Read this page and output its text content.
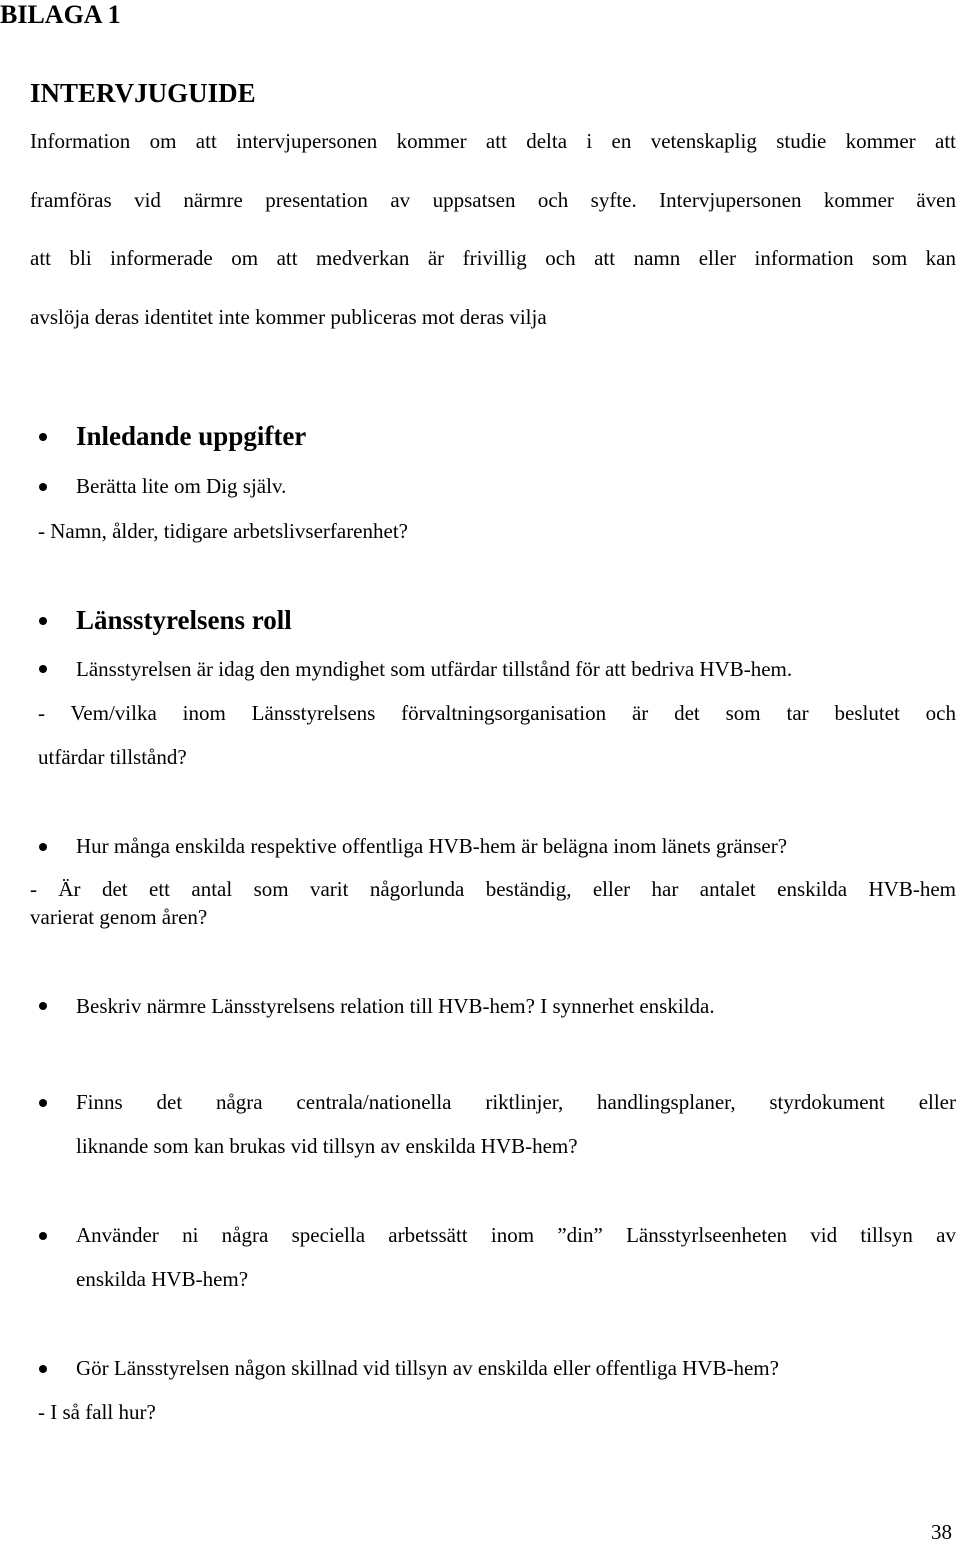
BILAGA 1
INTERVJUGUIDE
Information om att intervjupersonen kommer att delta i en vetenskaplig studie kommer att
framföras vid närmre presentation av uppsatsen och syfte. Intervjupersonen kommer även
att bli informerade om att medverkan är frivillig och att namn eller information som kan
avslöja deras identitet inte kommer publiceras mot deras vilja
Inledande uppgifter
Berätta lite om Dig själv.
- Namn, ålder, tidigare arbetslivserfarenhet?
Länsstyrelsens roll
Länsstyrelsen är idag den myndighet som utfärdar tillstånd för att bedriva HVB-hem.
- Vem/vilka inom Länsstyrelsens förvaltningsorganisation är det som tar beslutet och
utfärdar tillstånd?
Hur många enskilda respektive offentliga HVB-hem är belägna inom länets gränser?
- Är det ett antal som varit någorlunda beständig, eller har antalet enskilda HVB-hem
varierat genom åren?
Beskriv närmre Länsstyrelsens relation till HVB-hem? I synnerhet enskilda.
Finns det några centrala/nationella riktlinjer, handlingsplaner, styrdokument eller
liknande som kan brukas vid tillsyn av enskilda HVB-hem?
Använder ni några speciella arbetssätt inom ”din” Länsstyrlseenheten vid tillsyn av
enskilda HVB-hem?
Gör Länsstyrelsen någon skillnad vid tillsyn av enskilda eller offentliga HVB-hem?
- I så fall hur?
38
